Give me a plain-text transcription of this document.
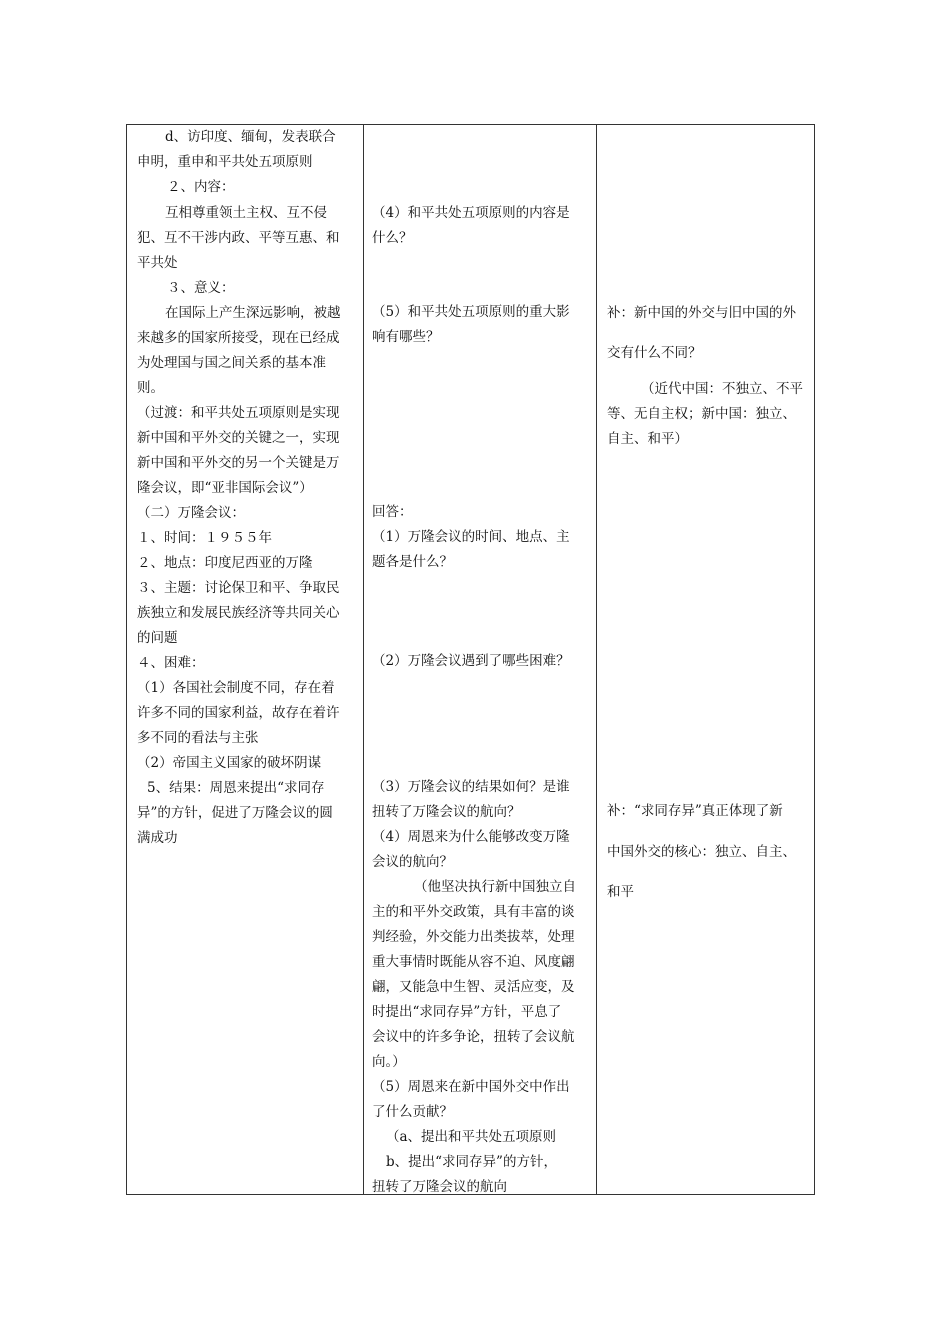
d、访印度、缅甸，发表联合
申明，重申和平共处五项原则
２、内容：
互相尊重领土主权、互不侵
犯、互不干涉内政、平等互惠、和
平共处
３、意义：
在国际上产生深远影响，被越
来越多的国家所接受，现在已经成
为处理国与国之间关系的基本准
则。
（过渡：和平共处五项原则是实现
新中国和平外交的关键之一，实现
新中国和平外交的另一个关键是万
隆会议，即“亚非国际会议”）
（二）万隆会议：
１、时间：１９５５年
２、地点：印度尼西亚的万隆
３、主题：讨论保卫和平、争取民
族独立和发展民族经济等共同关心
的问题
４、困难：
（1）各国社会制度不同，存在着
许多不同的国家利益，故存在着许
多不同的看法与主张
（2）帝国主义国家的破坏阴谋
5、结果：周恩来提出“求同存
异”的方针，促进了万隆会议的圆
满成功
（4）和平共处五项原则的内容是
什么？
（5）和平共处五项原则的重大影
响有哪些？
回答：
（1）万隆会议的时间、地点、主
题各是什么？
（2）万隆会议遇到了哪些困难？
（3）万隆会议的结果如何？是谁
扭转了万隆会议的航向？
（4）周恩来为什么能够改变万隆
会议的航向？
（他坚决执行新中国独立自
主的和平外交政策，具有丰富的谈
判经验，外交能力出类拔萃，处理
重大事情时既能从容不迫、风度翩
翩，又能急中生智、灵活应变，及
时提出“求同存异”方针，平息了
会议中的许多争论，扭转了会议航
向。）
（5）周恩来在新中国外交中作出
了什么贡献？
（a、提出和平共处五项原则
b、提出“求同存异”的方针，
扭转了万隆会议的航向
补：新中国的外交与旧中国的外
交有什么不同？
（近代中国：不独立、不平
等、无自主权；新中国：独立、
自主、和平）
补：“求同存异”真正体现了新
中国外交的核心：独立、自主、
和平
